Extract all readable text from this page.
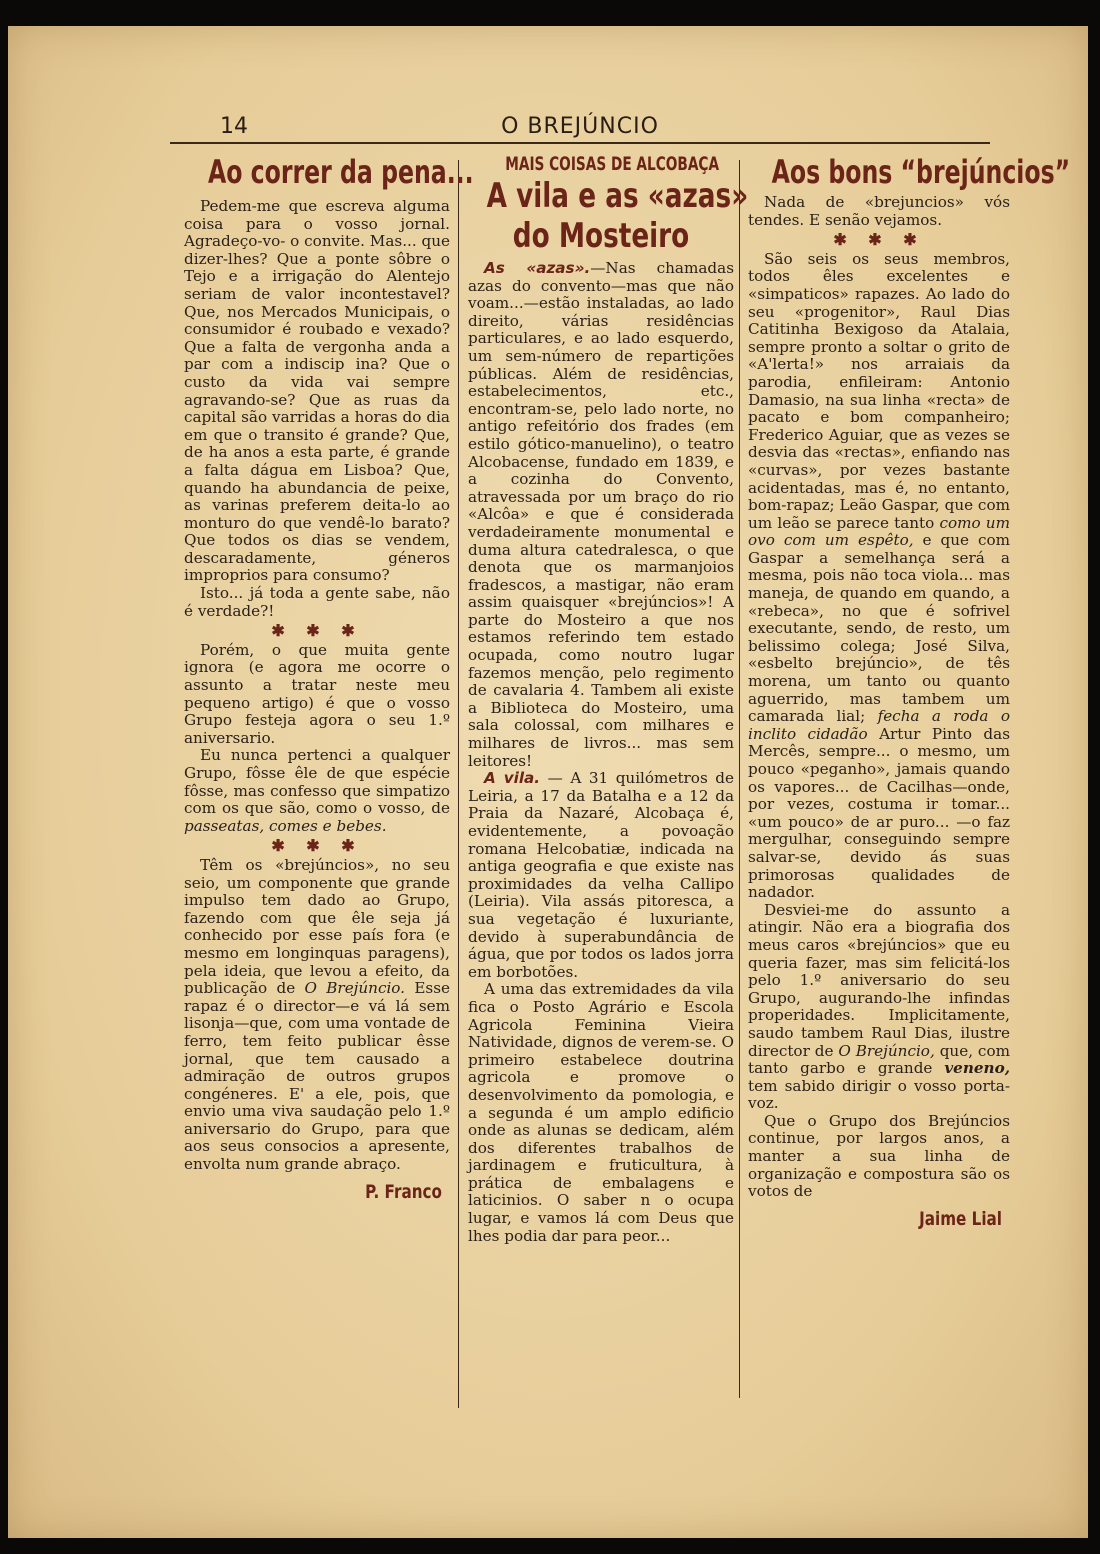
14	O BREJÚNCIO
Ao correr da pena...

Pedem-me que escreva alguma coisa para o vosso jornal. Agradeço-vo- o convite. Mas... que dizer-lhes? Que a ponte sôbre o Tejo e a irrigação do Alentejo seriam de valor incontestavel? Que, nos Mercados Municipais, o consumidor é roubado e vexado? Que a falta de vergonha anda a par com a indiscip ina? Que o custo da vida vai sempre agravando-se? Que as ruas da capital são varridas a horas do dia em que o transito é grande? Que, de ha anos a esta parte, é grande a falta dágua em Lisboa? Que, quando ha abundancia de peixe, as varinas preferem deita-lo ao monturo do que vendê-lo barato? Que todos os dias se vendem, descaradamente, géneros improprios para consumo?

Isto... já toda a gente sabe, não é verdade?!

✱ ✱ ✱

Porém, o que muita gente ignora (e agora me ocorre o assunto a tratar neste meu pequeno artigo) é que o vosso Grupo festeja agora o seu 1.º aniversario.

Eu nunca pertenci a qualquer Grupo, fôsse êle de que espécie fôsse, mas confesso que simpatizo com os que são, como o vosso, de passeatas, comes e bebes.

✱ ✱ ✱

Têm os «brejúncios», no seu seio, um componente que grande impulso tem dado ao Grupo, fazendo com que êle seja já conhecido por esse país fora (e mesmo em longinquas paragens), pela ideia, que levou a efeito, da publicação de O Brejúncio. Esse rapaz é o director—e vá lá sem lisonja—que, com uma vontade de ferro, tem feito publicar êsse jornal, que tem causado a admiração de outros grupos congéneres. E' a ele, pois, que envio uma viva saudação pelo 1.º aniversario do Grupo, para que aos seus consocios a apresente, envolta num grande abraço.

P. Franco
MAIS COISAS DE ALCOBAÇA
A vila e as «azas»
do Mosteiro

As «azas».—Nas chamadas azas do convento—mas que não voam...—estão instaladas, ao lado direito, várias residências particulares, e ao lado esquerdo, um sem-número de repartições públicas. Além de residências, estabelecimentos, etc., encontram-se, pelo lado norte, no antigo refeitório dos frades (em estilo gótico-manuelino), o teatro Alcobacense, fundado em 1839, e a cozinha do Convento, atravessada por um braço do rio «Alcôa» e que é considerada verdadeiramente monumental e duma altura catedralesca, o que denota que os marmanjoios fradescos, a mastigar, não eram assim quaisquer «brejúncios»! A parte do Mosteiro a que nos estamos referindo tem estado ocupada, como noutro lugar fazemos menção, pelo regimento de cavalaria 4. Tambem ali existe a Biblioteca do Mosteiro, uma sala colossal, com milhares e milhares de livros... mas sem leitores!

A vila. — A 31 quilómetros de Leiria, a 17 da Batalha e a 12 da Praia da Nazaré, Alcobaça é, evidentemente, a povoação romana Helcobatiæ, indicada na antiga geografia e que existe nas proximidades da velha Callipo (Leiria). Vila assás pitoresca, a sua vegetação é luxuriante, devido à superabundância de água, que por todos os lados jorra em borbotões.

A uma das extremidades da vila fica o Posto Agrário e Escola Agricola Feminina Vieira Natividade, dignos de verem-se. O primeiro estabelece doutrina agricola e promove o desenvolvimento da pomologia, e a segunda é um amplo edificio onde as alunas se dedicam, além dos diferentes trabalhos de jardinagem e fruticultura, à prática de embalagens e laticinios. O saber n o ocupa lugar, e vamos lá com Deus que lhes podia dar para peor...

Aos bons “brejúncios”

Nada de «brejuncios» vós tendes. E senão vejamos.

✱ ✱ ✱

São seis os seus membros, todos êles excelentes e «simpaticos» rapazes. Ao lado do seu «progenitor», Raul Dias Catitinha Bexigoso da Atalaia, sempre pronto a soltar o grito de «A'lerta!» nos arraiais da parodia, enfileiram: Antonio Damasio, na sua linha «recta» de pacato e bom companheiro; Frederico Aguiar, que as vezes se desvia das «rectas», enfiando nas «curvas», por vezes bastante acidentadas, mas é, no entanto, bom-rapaz; Leão Gaspar, que com um leão se parece tanto como um ovo com um espêto, e que com Gaspar a semelhança será a mesma, pois não toca viola... mas maneja, de quando em quando, a «rebeca», no que é sofrivel executante, sendo, de resto, um belissimo colega; José Silva, «esbelto brejúncio», de tês morena, um tanto ou quanto aguerrido, mas tambem um camarada lial; fecha a roda o inclito cidadão Artur Pinto das Mercês, sempre... o mesmo, um pouco «peganho», jamais quando os vapores... de Cacilhas—onde, por vezes, costuma ir tomar... «um pouco» de ar puro... —o faz mergulhar, conseguindo sempre salvar-se, devido ás suas primorosas qualidades de nadador.

Desviei-me do assunto a atingir. Não era a biografia dos meus caros «brejúncios» que eu queria fazer, mas sim felicitá-los pelo 1.º aniversario do seu Grupo, augurando-lhe infindas properidades. Implicitamente, saudo tambem Raul Dias, ilustre director de O Brejúncio, que, com tanto garbo e grande veneno, tem sabido dirigir o vosso porta-voz.

Que o Grupo dos Brejúncios continue, por largos anos, a manter a sua linha de organização e compostura são os votos de

Jaime Lial
